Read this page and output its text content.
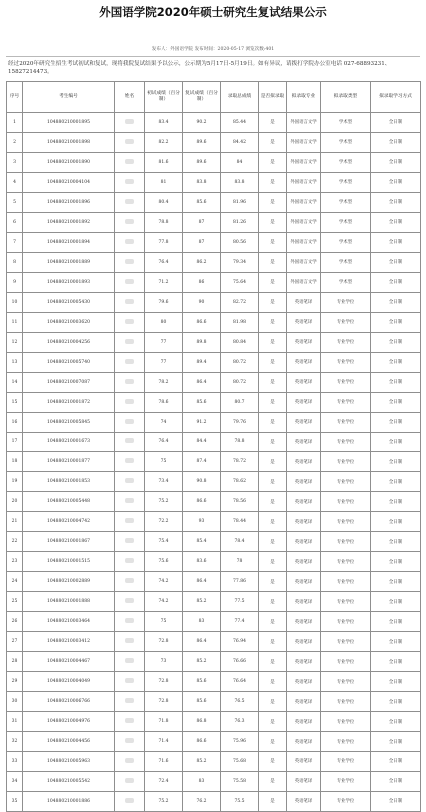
外国语学院2020年硕士研究生复试结果公示
发布人：外国语学院 发布时间：2020-05-17 浏览次数:401
经过2020年研究生招生考试初试和复试，现将我院复试结果予以公示，公示期为5月17日-5月19日。如有异议，请拨打学院办公室电话 027-68893231、15827214473。
序号	考生编号	姓名	初试成绩（百分制）	复试成绩（百分制）	录取总成绩	是否拟录取	拟录取专业	拟录取类型	拟录取学习方式
1	104880210001895		83.4	90.2	85.44	是	外国语言文学	学术型	全日制
2	104880210001898		82.2	89.6	84.42	是	外国语言文学	学术型	全日制
3	104880210001890		81.6	89.6	84	是	外国语言文学	学术型	全日制
4	104880210004104		81	83.8	83.8	是	外国语言文学	学术型	全日制
5	104880210001896		80.4	85.6	81.96	是	外国语言文学	学术型	全日制
6	104880210001892		78.8	87	81.26	是	外国语言文学	学术型	全日制
7	104880210001894		77.8	87	80.56	是	外国语言文学	学术型	全日制
8	104880210001889		76.4	86.2	79.34	是	外国语言文学	学术型	全日制
9	104880210001893		71.2	86	75.64	是	外国语言文学	学术型	全日制
10	104880210005430		79.6	90	82.72	是	英语笔译	专业学位	全日制
11	104880210003620		80	86.6	81.98	是	英语笔译	专业学位	全日制
12	104880210004256		77	89.8	80.84	是	英语笔译	专业学位	全日制
13	104880210005740		77	89.4	80.72	是	英语笔译	专业学位	全日制
14	104880210007087		78.2	86.4	80.72	是	英语笔译	专业学位	全日制
15	104880210001872		78.6	85.6	80.7	是	英语笔译	专业学位	全日制
16	104880210005845		74	91.2	79.76	是	英语笔译	专业学位	全日制
17	104880210001673		76.4	84.4	78.8	是	英语笔译	专业学位	全日制
18	104880210001877		75	87.4	78.72	是	英语笔译	专业学位	全日制
19	104880210001853		73.4	90.8	78.62	是	英语笔译	专业学位	全日制
20	104880210005448		75.2	86.6	78.56	是	英语笔译	专业学位	全日制
21	104880210004742		72.2	93	78.44	是	英语笔译	专业学位	全日制
22	104880210001867		75.4	85.4	78.4	是	英语笔译	专业学位	全日制
23	104880210001515		75.6	83.6	78	是	英语笔译	专业学位	全日制
24	104880210002889		74.2	86.4	77.86	是	英语笔译	专业学位	全日制
25	104880210001888		74.2	85.2	77.5	是	英语笔译	专业学位	全日制
26	104880210003464		75	83	77.4	是	英语笔译	专业学位	全日制
27	104880210003412		72.8	86.4	76.94	是	英语笔译	专业学位	全日制
28	104880210004467		73	85.2	76.66	是	英语笔译	专业学位	全日制
29	104880210004049		72.8	85.6	76.64	是	英语笔译	专业学位	全日制
30	104880210006766		72.8	85.6	76.5	是	英语笔译	专业学位	全日制
31	104880210004976		71.8	86.8	76.3	是	英语笔译	专业学位	全日制
32	104880210004456		71.4	86.6	75.96	是	英语笔译	专业学位	全日制
33	104880210005963		71.6	85.2	75.68	是	英语笔译	专业学位	全日制
34	104880210005542		72.4	83	75.58	是	英语笔译	专业学位	全日制
35	104880210001886		75.2	76.2	75.5	是	英语笔译	专业学位	全日制
